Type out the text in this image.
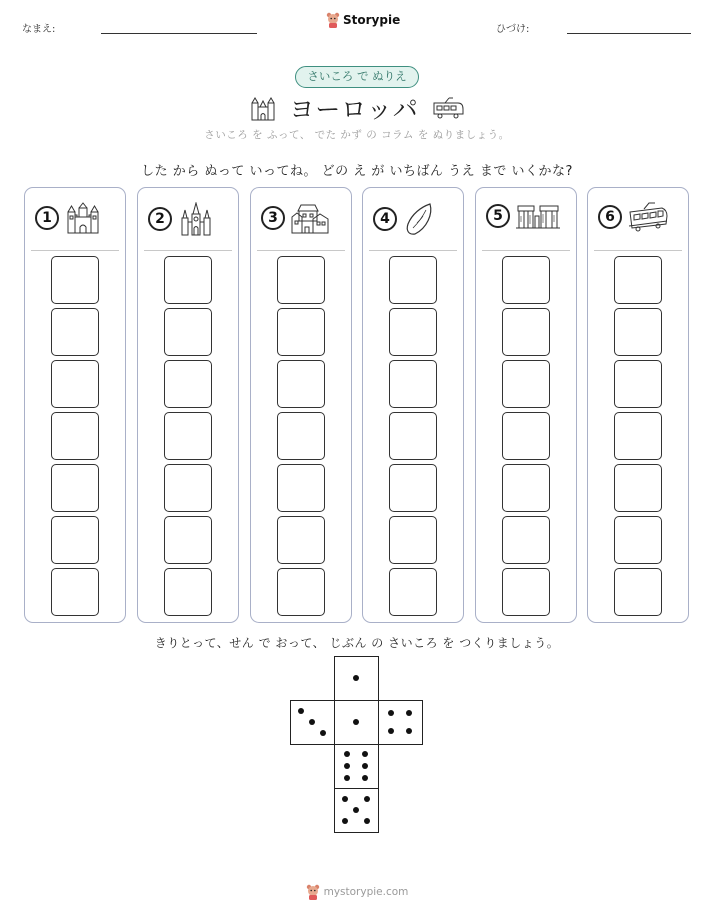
なまえ:
Storypie
ひづけ:
さいころ で ぬりえ
ヨーロッパ
さいころ を ふって、 でた かず の コラム を ぬりましょう。
した から ぬって いってね。 どの え が いちばん うえ まで いくかな?
1	2	3	4	5	6
きりとって、せん で おって、 じぶん の さいころ を つくりましょう。
mystorypie.com
